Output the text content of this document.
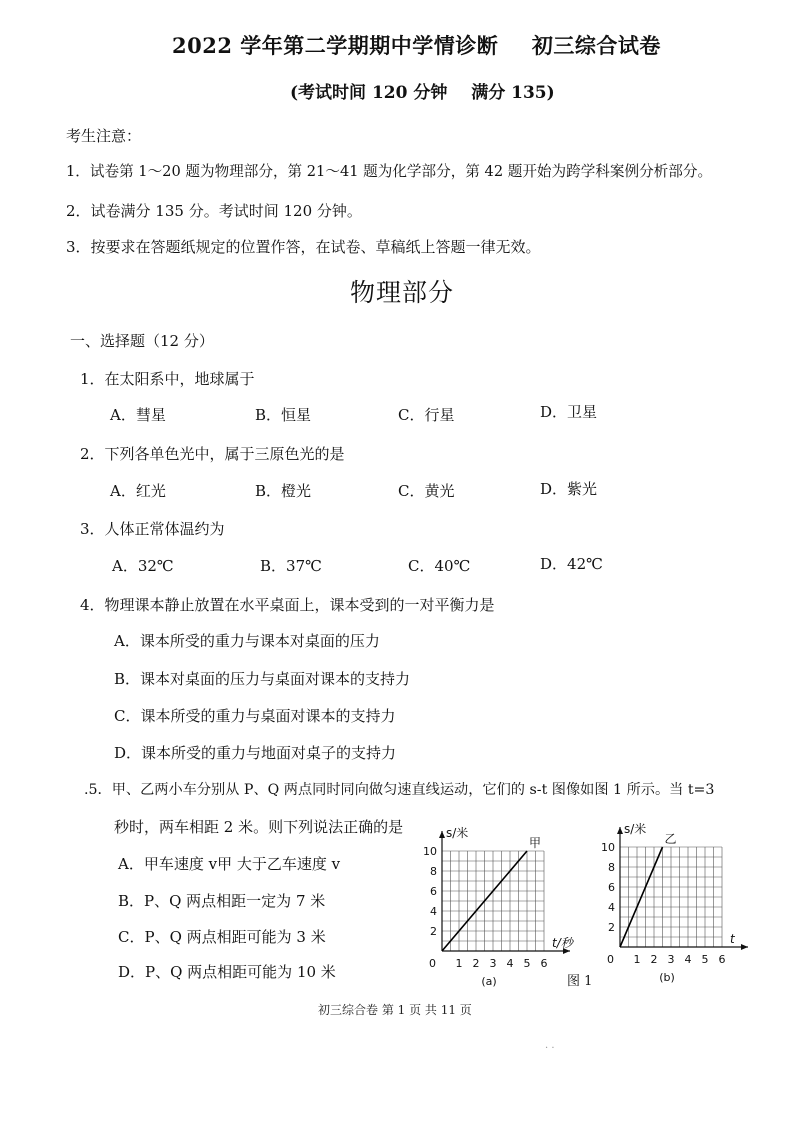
2022 学年第二学期期中学情诊断 初三综合试卷
(考试时间 120 分钟 满分 135)
考生注意：
1．试卷第 1～20 题为物理部分，第 21～41 题为化学部分，第 42 题开始为跨学科案例分析部分。
2．试卷满分 135 分。考试时间 120 分钟。
3．按要求在答题纸规定的位置作答，在试卷、草稿纸上答题一律无效。
物理部分
一、选择题（12 分）
1．在太阳系中，地球属于
A．彗星	B．恒星	C．行星	D．卫星
2．下列各单色光中，属于三原色光的是
A．红光	B．橙光	C．黄光	D．紫光
3．人体正常体温约为
A．32℃	B．37℃	C．40℃	D．42℃
4．物理课本静止放置在水平桌面上，课本受到的一对平衡力是
A．课本所受的重力与课本对桌面的压力
B．课本对桌面的压力与桌面对课本的支持力
C．课本所受的重力与桌面对课本的支持力
D．课本所受的重力与地面对桌子的支持力
.5．甲、乙两小车分别从 P、Q 两点同时同向做匀速直线运动，它们的 s-t 图像如图 1 所示。当 t=3
秒时，两车相距 2 米。则下列说法正确的是
A．甲车速度 v甲 大于乙车速度 v
B．P、Q 两点相距一定为 7 米
C．P、Q 两点相距可能为 3 米
D．P、Q 两点相距可能为 10 米	1 2 3 4 5 6
0
2
4
6
8
10
s/米
t/秒
甲
(a)
1 2 3 4 5 6
0
2
4
6
8
10
s/米
t
乙
(b)
图 1
初三综合卷 第 1 页 共 11 页
· ·
